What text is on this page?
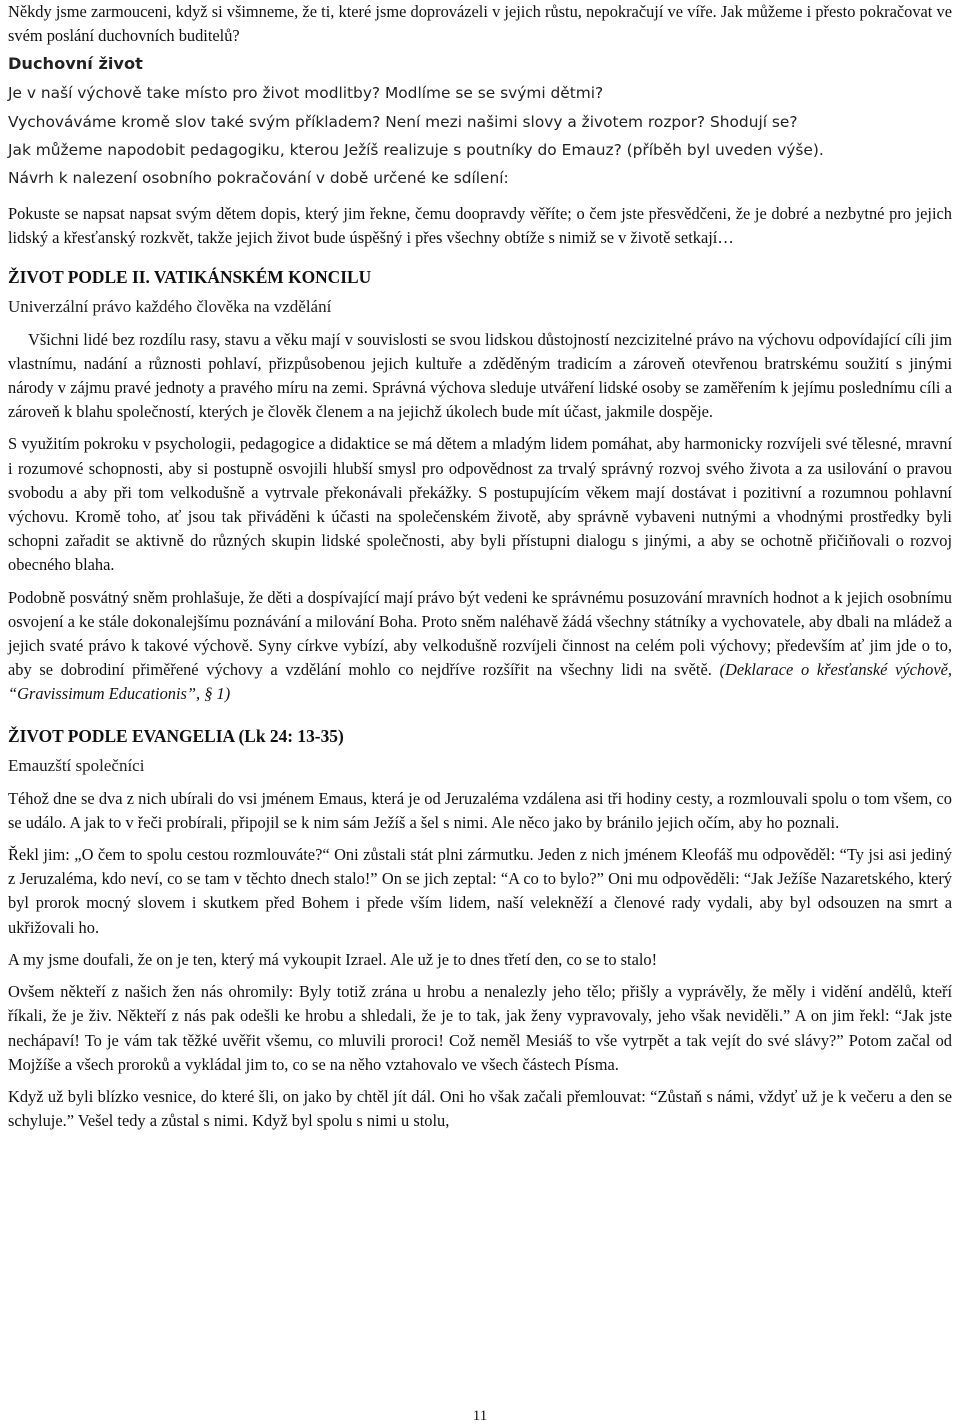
Někdy jsme zarmouceni, když si všimneme, že ti, které jsme doprovázeli v jejich růstu, nepokračují ve víře. Jak můžeme i přesto pokračovat ve svém poslání duchovních buditelů?

Duchovní život

Je v naší výchově take místo pro život modlitby? Modlíme se se svými dětmi?

Vychováváme kromě slov také svým příkladem? Není mezi našimi slovy a životem rozpor? Shodují se?

Jak můžeme napodobit pedagogiku, kterou Ježíš realizuje s poutníky do Emauz? (příběh byl uveden výše).

Návrh k nalezení osobního pokračování v době určené ke sdílení:

Pokuste se napsat napsat svým dětem dopis, který jim řekne, čemu doopravdy věříte; o čem jste přesvědčeni, že je dobré a nezbytné pro jejich lidský a křesťanský rozkvět, takže jejich život bude úspěšný i přes všechny obtíže s nimiž se v životě setkají…

ŽIVOT PODLE II. VATIKÁNSKÉM KONCILU
Univerzální právo každého člověka na vzdělání

Všichni lidé bez rozdílu rasy, stavu a věku mají v souvislosti se svou lidskou důstojností nezcizitelné právo na výchovu odpovídající cíli jim vlastnímu, nadání a různosti pohlaví, přizpůsobenou jejich kultuře a zděděným tradicím a zároveň otevřenou bratrskému soužití s jinými národy v zájmu pravé jednoty a pravého míru na zemi. Správná výchova sleduje utváření lidské osoby se zaměřením k jejímu poslednímu cíli a zároveň k blahu společností, kterých je člověk členem a na jejichž úkolech bude mít účast, jakmile dospěje.

S využitím pokroku v psychologii, pedagogice a didaktice se má dětem a mladým lidem pomáhat, aby harmonicky rozvíjeli své tělesné, mravní i rozumové schopnosti, aby si postupně osvojili hlubší smysl pro odpovědnost za trvalý správný rozvoj svého života a za usilování o pravou svobodu a aby při tom velkodušně a vytrvale překonávali překážky. S postupujícím věkem mají dostávat i pozitivní a rozumnou pohlavní výchovu. Kromě toho, ať jsou tak přiváděni k účasti na společenském životě, aby správně vybaveni nutnými a vhodnými prostředky byli schopni zařadit se aktivně do různých skupin lidské společnosti, aby byli přístupni dialogu s jinými, a aby se ochotně přičiňovali o rozvoj obecného blaha.

Podobně posvátný sněm prohlašuje, že děti a dospívající mají právo být vedeni ke správnému posuzování mravních hodnot a k jejich osobnímu osvojení a ke stále dokonalejšímu poznávání a milování Boha. Proto sněm naléhavě žádá všechny státníky a vychovatele, aby dbali na mládež a jejich svaté právo k takové výchově. Syny církve vybízí, aby velkodušně rozvíjeli činnost na celém poli výchovy; především ať jim jde o to, aby se dobrodiní přiměřené výchovy a vzdělání mohlo co nejdříve rozšířit na všechny lidi na světě. (Deklarace o křesťanské výchově, “Gravissimum Educationis”, § 1)

ŽIVOT PODLE EVANGELIA (Lk 24: 13-35)
Emauzští společníci

Téhož dne se dva z nich ubírali do vsi jménem Emaus, která je od Jeruzaléma vzdálena asi tři hodiny cesty, a rozmlouvali spolu o tom všem, co se událo. A jak to v řeči probírali, připojil se k nim sám Ježíš a šel s nimi. Ale něco jako by bránilo jejich očím, aby ho poznali.

Řekl jim: „O čem to spolu cestou rozmlouváte?“ Oni zůstali stát plni zármutku. Jeden z nich jménem Kleofáš mu odpověděl: “Ty jsi asi jediný z Jeruzaléma, kdo neví, co se tam v těchto dnech stalo!” On se jich zeptal: “A co to bylo?” Oni mu odpověděli: “Jak Ježíše Nazaretského, který byl prorok mocný slovem i skutkem před Bohem i přede vším lidem, naší velekněží a členové rady vydali, aby byl odsouzen na smrt a ukřižovali ho.

A my jsme doufali, že on je ten, který má vykoupit Izrael. Ale už je to dnes třetí den, co se to stalo!

Ovšem někteří z našich žen nás ohromily: Byly totiž zrána u hrobu a nenalezly jeho tělo; přišly a vyprávěly, že měly i vidění andělů, kteří říkali, že je živ. Někteří z nás pak odešli ke hrobu a shledali, že je to tak, jak ženy vypravovaly, jeho však neviděli.” A on jim řekl: “Jak jste nechápaví! To je vám tak těžké uvěřit všemu, co mluvili proroci! Což neměl Mesiáš to vše vytrpět a tak vejít do své slávy?” Potom začal od Mojžíše a všech proroků a vykládal jim to, co se na něho vztahovalo ve všech částech Písma.

Když už byli blízko vesnice, do které šli, on jako by chtěl jít dál. Oni ho však začali přemlouvat: “Zůstaň s námi, vždyť už je k večeru a den se schyluje.” Vešel tedy a zůstal s nimi. Když byl spolu s nimi u stolu,

11
